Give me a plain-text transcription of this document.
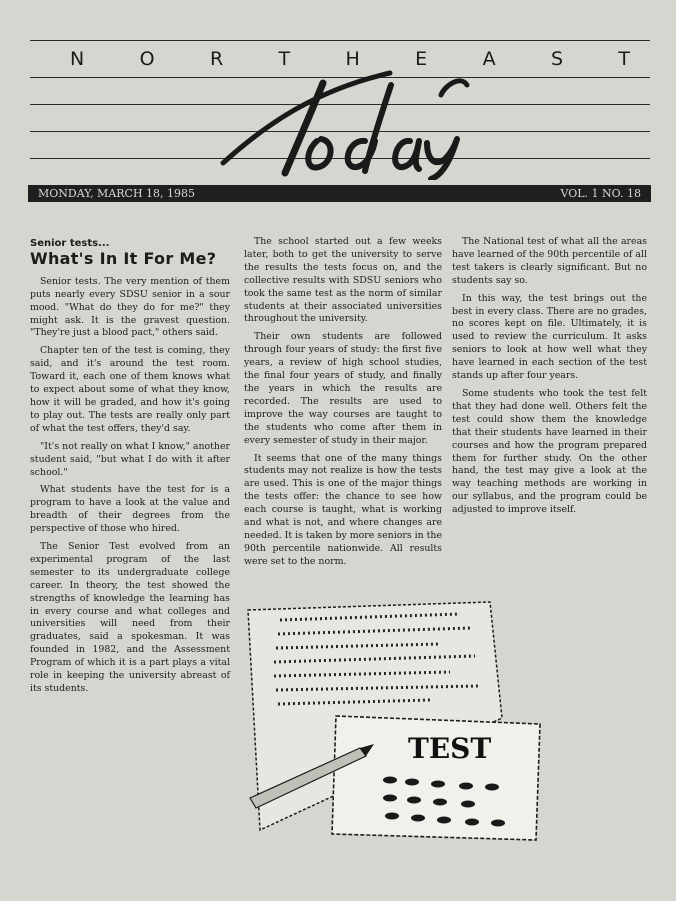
N	O	R	T	H	E	A	S	T
MONDAY, MARCH 18, 1985	VOL. 1 NO. 18
Senior tests...
What's In It For Me?

Senior tests. The very mention of them puts nearly every SDSU senior in a sour mood. "What do they do for me?" they might ask. It is the gravest question. "They're just a blood pact," others said.

Chapter ten of the test is coming, they said, and it's around the test room. Toward it, each one of them knows what to expect about some of what they know, how it will be graded, and how it's going to play out. The tests are really only part of what the test offers, they'd say.

"It's not really on what I know," another student said, "but what I do with it after school."

What students have the test for is a program to have a look at the value and breadth of their degrees from the perspective of those who hired.

The Senior Test evolved from an experimental program of the last semester to its undergraduate college career. In theory, the test showed the strengths of knowledge the learning has in every course and what colleges and universities will need from their graduates, said a spokesman. It was founded in 1982, and the Assessment Program of which it is a part plays a vital role in keeping the university abreast of its students.

The school started out a few weeks later, both to get the university to serve the results the tests focus on, and the collective results with SDSU seniors who took the same test as the norm of similar students at their associated universities throughout the university.

Their own students are followed through four years of study: the first five years, a review of high school studies, the final four years of study, and finally the years in which the results are recorded. The results are used to improve the way courses are taught to the students who come after them in every semester of study in their major.

It seems that one of the many things students may not realize is how the tests are used. This is one of the major things the tests offer: the chance to see how each course is taught, what is working and what is not, and where changes are needed. It is taken by more seniors in the 90th percentile nationwide. All results were set to the norm.

The National test of what all the areas have learned of the 90th percentile of all test takers is clearly significant. But no students say so.

In this way, the test brings out the best in every class. There are no grades, no scores kept on file. Ultimately, it is used to review the curriculum. It asks seniors to look at how well what they have learned in each section of the test stands up after four years.

Some students who took the test felt that they had done well. Others felt the test could show them the knowledge that their students have learned in their courses and how the program prepared them for further study. On the other hand, the test may give a look at the way teaching methods are working in our syllabus, and the program could be adjusted to improve itself.

TEST
